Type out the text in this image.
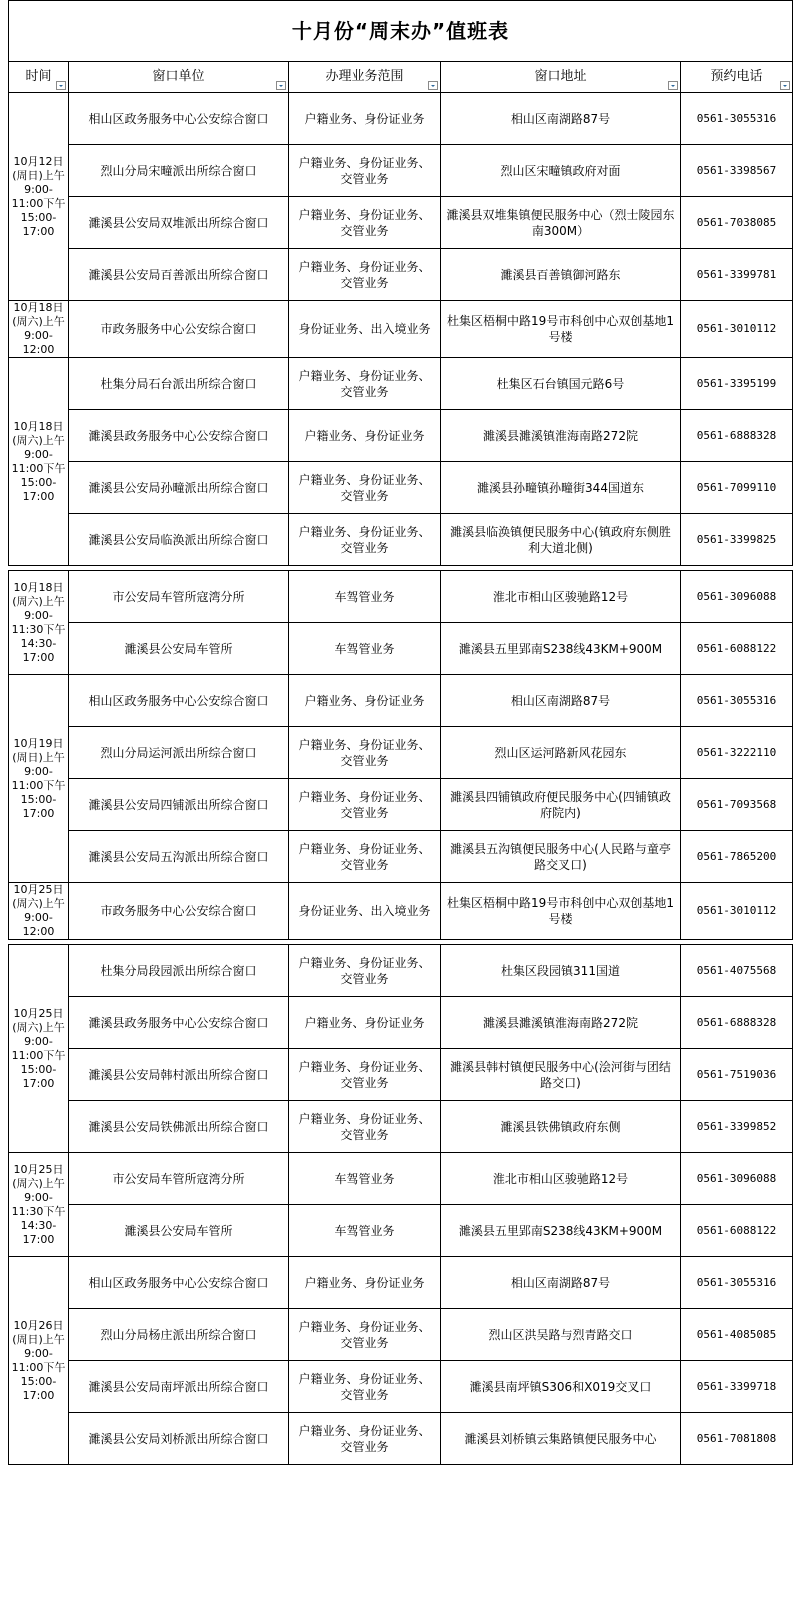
十月份“周末办”值班表				
时间	窗口单位	办理业务范围	窗口地址	预约电话

10月12日(周日)上午9:00-11:00下午15:00-17:00	相山区政务服务中心公安综合窗口	户籍业务、身份证业务	相山区南湖路87号	0561-3055316
	烈山分局宋疃派出所综合窗口	户籍业务、身份证业务、交管业务	烈山区宋疃镇政府对面	0561-3398567
	濉溪县公安局双堆派出所综合窗口	户籍业务、身份证业务、交管业务	濉溪县双堆集镇便民服务中心（烈士陵园东南300M）	0561-7038085
	濉溪县公安局百善派出所综合窗口	户籍业务、身份证业务、交管业务	濉溪县百善镇御河路东	0561-3399781
10月18日(周六)上午9:00-12:00	市政务服务中心公安综合窗口	身份证业务、出入境业务	杜集区梧桐中路19号市科创中心双创基地1号楼	0561-3010112
10月18日(周六)上午9:00-11:00下午15:00-17:00	杜集分局石台派出所综合窗口	户籍业务、身份证业务、交管业务	杜集区石台镇国元路6号	0561-3395199
	濉溪县政务服务中心公安综合窗口	户籍业务、身份证业务	濉溪县濉溪镇淮海南路272院	0561-6888328
	濉溪县公安局孙疃派出所综合窗口	户籍业务、身份证业务、交管业务	濉溪县孙疃镇孙疃街344国道东	0561-7099110
	濉溪县公安局临涣派出所综合窗口	户籍业务、身份证业务、交管业务	濉溪县临涣镇便民服务中心(镇政府东侧胜利大道北侧)	0561-3399825

10月18日(周六)上午9:00-11:30下午14:30-17:00	市公安局车管所寇湾分所	车驾管业务	淮北市相山区骏驰路12号	0561-3096088
	濉溪县公安局车管所	车驾管业务	濉溪县五里郢南S238线43KM+900M	0561-6088122
10月19日(周日)上午9:00-11:00下午15:00-17:00	相山区政务服务中心公安综合窗口	户籍业务、身份证业务	相山区南湖路87号	0561-3055316
	烈山分局运河派出所综合窗口	户籍业务、身份证业务、交管业务	烈山区运河路新风花园东	0561-3222110
	濉溪县公安局四铺派出所综合窗口	户籍业务、身份证业务、交管业务	濉溪县四铺镇政府便民服务中心(四铺镇政府院内)	0561-7093568
	濉溪县公安局五沟派出所综合窗口	户籍业务、身份证业务、交管业务	濉溪县五沟镇便民服务中心(人民路与童亭路交叉口)	0561-7865200
10月25日(周六)上午9:00-12:00	市政务服务中心公安综合窗口	身份证业务、出入境业务	杜集区梧桐中路19号市科创中心双创基地1号楼	0561-3010112

10月25日(周六)上午9:00-11:00下午15:00-17:00	杜集分局段园派出所综合窗口	户籍业务、身份证业务、交管业务	杜集区段园镇311国道	0561-4075568
	濉溪县政务服务中心公安综合窗口	户籍业务、身份证业务	濉溪县濉溪镇淮海南路272院	0561-6888328
	濉溪县公安局韩村派出所综合窗口	户籍业务、身份证业务、交管业务	濉溪县韩村镇便民服务中心(浍河街与团结路交口)	0561-7519036
	濉溪县公安局铁佛派出所综合窗口	户籍业务、身份证业务、交管业务	濉溪县铁佛镇政府东侧	0561-3399852
10月25日(周六)上午9:00-11:30下午14:30-17:00	市公安局车管所寇湾分所	车驾管业务	淮北市相山区骏驰路12号	0561-3096088
	濉溪县公安局车管所	车驾管业务	濉溪县五里郢南S238线43KM+900M	0561-6088122
10月26日(周日)上午9:00-11:00下午15:00-17:00	相山区政务服务中心公安综合窗口	户籍业务、身份证业务	相山区南湖路87号	0561-3055316
	烈山分局杨庄派出所综合窗口	户籍业务、身份证业务、交管业务	烈山区洪吴路与烈青路交口	0561-4085085
	濉溪县公安局南坪派出所综合窗口	户籍业务、身份证业务、交管业务	濉溪县南坪镇S306和X019交叉口	0561-3399718
	濉溪县公安局刘桥派出所综合窗口	户籍业务、身份证业务、交管业务	濉溪县刘桥镇云集路镇便民服务中心	0561-7081808
